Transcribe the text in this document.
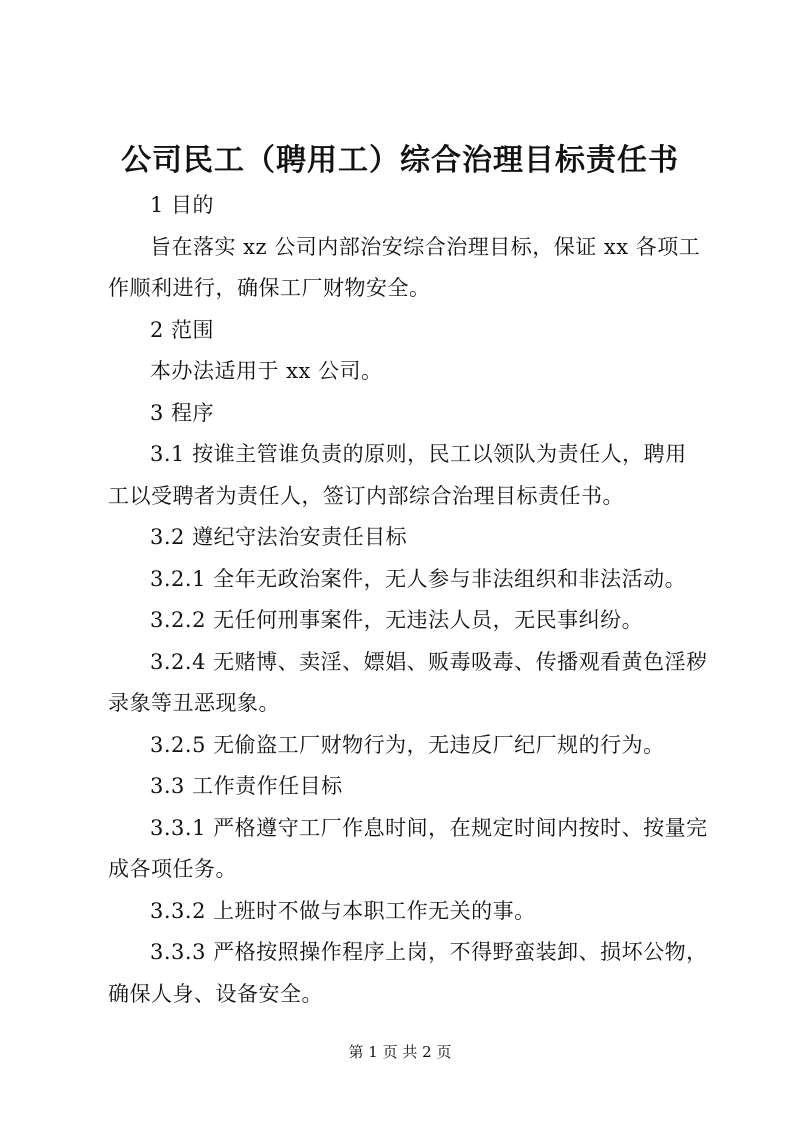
公司民工（聘用工）综合治理目标责任书

1 目的

旨在落实 xz 公司内部治安综合治理目标，保证 xx 各项工作顺利进行，确保工厂财物安全。

2 范围

本办法适用于 xx 公司。

3 程序

3.1 按谁主管谁负责的原则，民工以领队为责任人，聘用工以受聘者为责任人，签订内部综合治理目标责任书。

3.2 遵纪守法治安责任目标

3.2.1 全年无政治案件，无人参与非法组织和非法活动。

3.2.2 无任何刑事案件，无违法人员，无民事纠纷。

3.2.4 无赌博、卖淫、嫖娼、贩毒吸毒、传播观看黄色淫秽录象等丑恶现象。

3.2.5 无偷盗工厂财物行为，无违反厂纪厂规的行为。

3.3 工作责作任目标

3.3.1 严格遵守工厂作息时间，在规定时间内按时、按量完成各项任务。

3.3.2 上班时不做与本职工作无关的事。

3.3.3 严格按照操作程序上岗，不得野蛮装卸、损坏公物，确保人身、设备安全。

第 1 页 共 2 页
